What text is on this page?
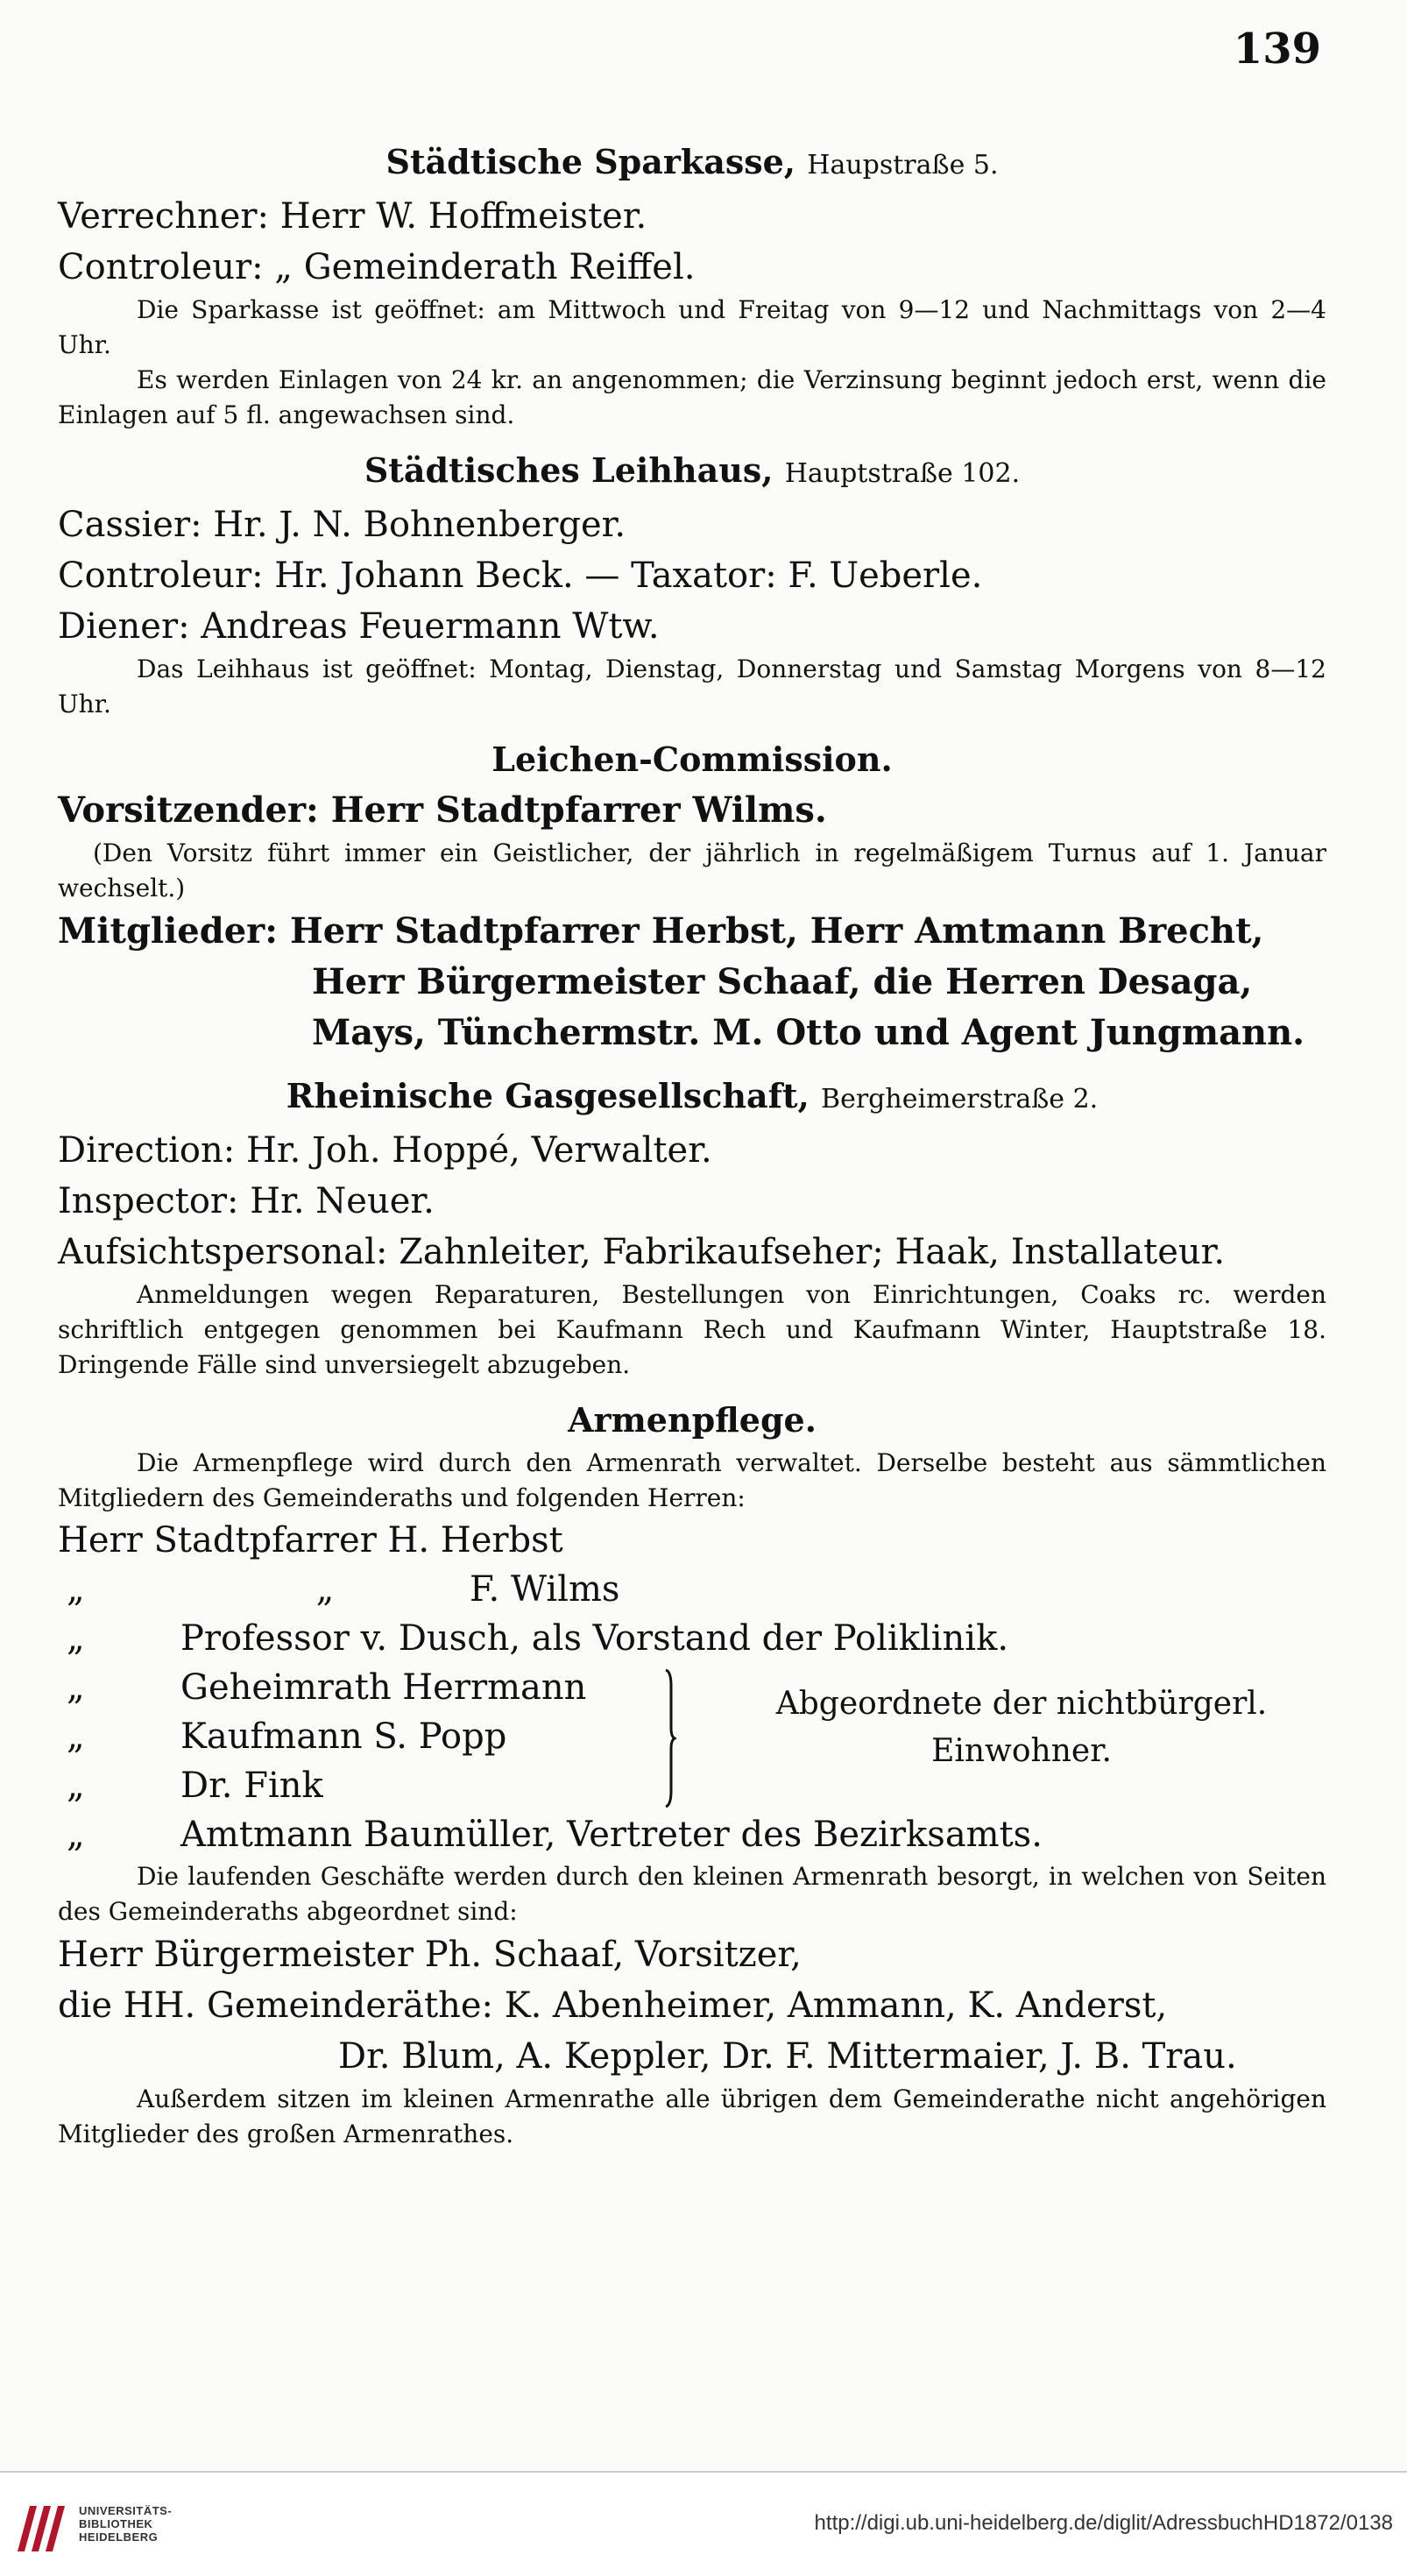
139
Städtische Sparkasse, Haupstraße 5.
Verrechner: Herr W. Hoffmeister.
Controleur: „ Gemeinderath Reiffel.
Die Sparkasse ist geöffnet: am Mittwoch und Freitag von 9—12 und Nachmittags von 2—4 Uhr.
Es werden Einlagen von 24 kr. an angenommen; die Verzinsung beginnt jedoch erst, wenn die Einlagen auf 5 fl. angewachsen sind.
Städtisches Leihhaus, Hauptstraße 102.
Cassier: Hr. J. N. Bohnenberger.
Controleur: Hr. Johann Beck. — Taxator: F. Ueberle.
Diener: Andreas Feuermann Wtw.
Das Leihhaus ist geöffnet: Montag, Dienstag, Donnerstag und Samstag Morgens von 8—12 Uhr.
Leichen-Commission.
Vorsitzender: Herr Stadtpfarrer Wilms.
(Den Vorsitz führt immer ein Geistlicher, der jährlich in regelmäßigem Turnus auf 1. Januar wechselt.)
Mitglieder: Herr Stadtpfarrer Herbst, Herr Amtmann Brecht,
Herr Bürgermeister Schaaf, die Herren Desaga,
Mays, Tünchermstr. M. Otto und Agent Jungmann.
Rheinische Gasgesellschaft, Bergheimerstraße 2.
Direction: Hr. Joh. Hoppé, Verwalter.
Inspector: Hr. Neuer.
Aufsichtspersonal: Zahnleiter, Fabrikaufseher; Haak, Installateur.
Anmeldungen wegen Reparaturen, Bestellungen von Einrichtungen, Coaks rc. werden schriftlich entgegen genommen bei Kaufmann Rech und Kaufmann Winter, Hauptstraße 18. Dringende Fälle sind unversiegelt abzugeben.
Armenpflege.
Die Armenpflege wird durch den Armenrath verwaltet. Derselbe besteht aus sämmtlichen Mitgliedern des Gemeinderaths und folgenden Herren:
Herr Stadtpfarrer H. Herbst
„	„	F. Wilms
„	Professor v. Dusch, als Vorstand der Poliklinik.
„	Geheimrath Herrmann
„	Kaufmann S. Popp
„	Dr. Fink
Abgeordnete der nichtbürgerl.
Einwohner.
„	Amtmann Baumüller, Vertreter des Bezirksamts.
Die laufenden Geschäfte werden durch den kleinen Armenrath besorgt, in welchen von Seiten des Gemeinderaths abgeordnet sind:
Herr Bürgermeister Ph. Schaaf, Vorsitzer,
die HH. Gemeinderäthe: K. Abenheimer, Ammann, K. Anderst,
Dr. Blum, A. Keppler, Dr. F. Mittermaier, J. B. Trau.
Außerdem sitzen im kleinen Armenrathe alle übrigen dem Gemeinderathe nicht angehörigen Mitglieder des großen Armenrathes.
UNIVERSITÄTS-
BIBLIOTHEK
HEIDELBERG
http://digi.ub.uni-heidelberg.de/diglit/AdressbuchHD1872/0138
